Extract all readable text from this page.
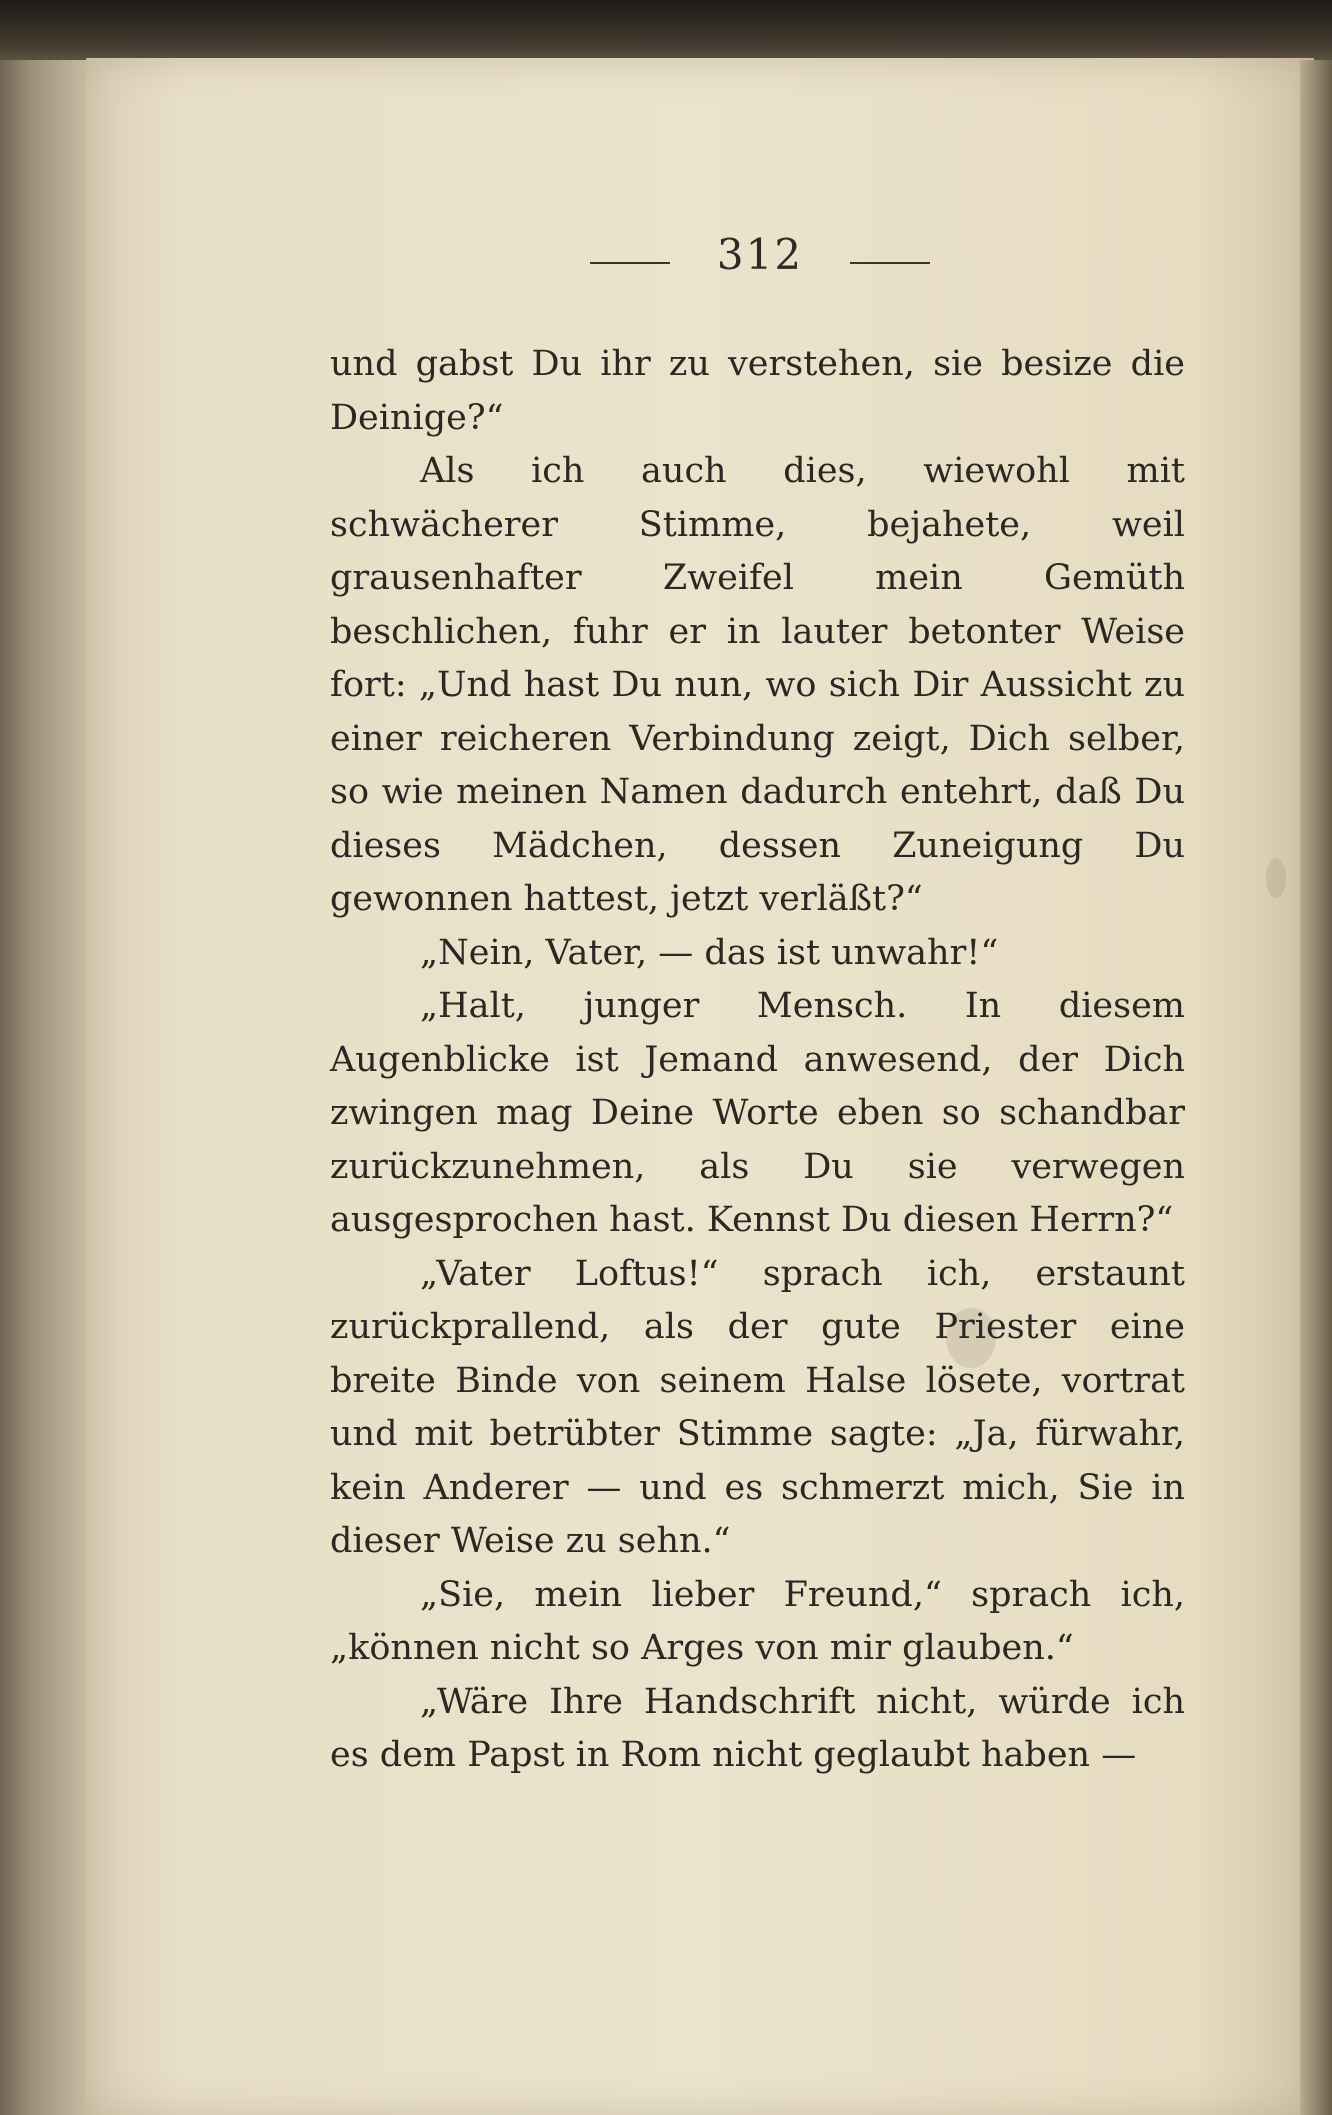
312

und gabst Du ihr zu verstehen, sie besize die Deinige?“

Als ich auch dies, wiewohl mit schwächerer Stimme, bejahete, weil grausenhafter Zweifel mein Gemüth beschlichen, fuhr er in lauter betonter Weise fort: „Und hast Du nun, wo sich Dir Aussicht zu einer reicheren Verbindung zeigt, Dich selber, so wie meinen Namen dadurch entehrt, daß Du dieses Mädchen, dessen Zuneigung Du gewonnen hattest, jetzt verläßt?“

„Nein, Vater, — das ist unwahr!“

„Halt, junger Mensch. In diesem Augenblicke ist Jemand anwesend, der Dich zwingen mag Deine Worte eben so schandbar zurückzunehmen, als Du sie verwegen ausgesprochen hast. Kennst Du diesen Herrn?“

„Vater Loftus!“ sprach ich, erstaunt zurückprallend, als der gute Priester eine breite Binde von seinem Halse lösete, vortrat und mit betrübter Stimme sagte: „Ja, fürwahr, kein Anderer — und es schmerzt mich, Sie in dieser Weise zu sehn.“

„Sie, mein lieber Freund,“ sprach ich, „können nicht so Arges von mir glauben.“

„Wäre Ihre Handschrift nicht, würde ich es dem Papst in Rom nicht geglaubt haben —
